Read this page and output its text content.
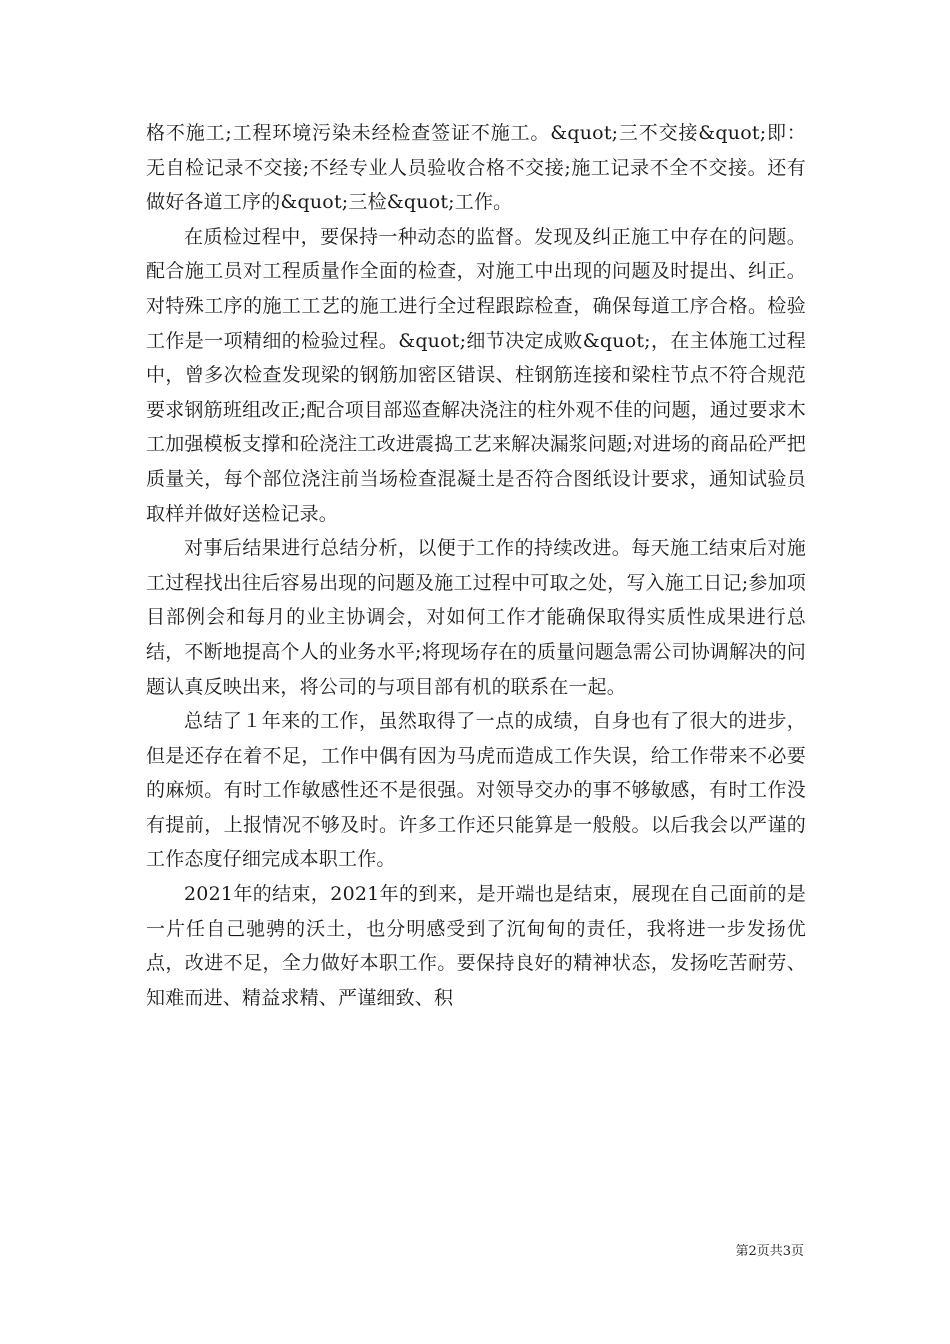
格不施工;工程环境污染未经检查签证不施工。&quot;三不交接&quot;即：无自检记录不交接;不经专业人员验收合格不交接;施工记录不全不交接。还有做好各道工序的&quot;三检&quot;工作。

在质检过程中，要保持一种动态的监督。发现及纠正施工中存在的问题。配合施工员对工程质量作全面的检查，对施工中出现的问题及时提出、纠正。对特殊工序的施工工艺的施工进行全过程跟踪检查，确保每道工序合格。检验工作是一项精细的检验过程。&quot;细节决定成败&quot;，在主体施工过程中，曾多次检查发现梁的钢筋加密区错误、柱钢筋连接和梁柱节点不符合规范要求钢筋班组改正;配合项目部巡查解决浇注的柱外观不佳的问题，通过要求木工加强模板支撑和砼浇注工改进震捣工艺来解决漏浆问题;对进场的商品砼严把质量关，每个部位浇注前当场检查混凝土是否符合图纸设计要求，通知试验员取样并做好送检记录。

对事后结果进行总结分析，以便于工作的持续改进。每天施工结束后对施工过程找出往后容易出现的问题及施工过程中可取之处，写入施工日记;参加项目部例会和每月的业主协调会，对如何工作才能确保取得实质性成果进行总结，不断地提高个人的业务水平;将现场存在的质量问题急需公司协调解决的问题认真反映出来，将公司的与项目部有机的联系在一起。

总结了１年来的工作，虽然取得了一点的成绩，自身也有了很大的进步，但是还存在着不足，工作中偶有因为马虎而造成工作失误，给工作带来不必要的麻烦。有时工作敏感性还不是很强。对领导交办的事不够敏感，有时工作没有提前，上报情况不够及时。许多工作还只能算是一般般。以后我会以严谨的工作态度仔细完成本职工作。

2021年的结束，2021年的到来，是开端也是结束，展现在自己面前的是一片任自己驰骋的沃土，也分明感受到了沉甸甸的责任，我将进一步发扬优点，改进不足，全力做好本职工作。要保持良好的精神状态，发扬吃苦耐劳、知难而进、精益求精、严谨细致、积

第2页共3页
